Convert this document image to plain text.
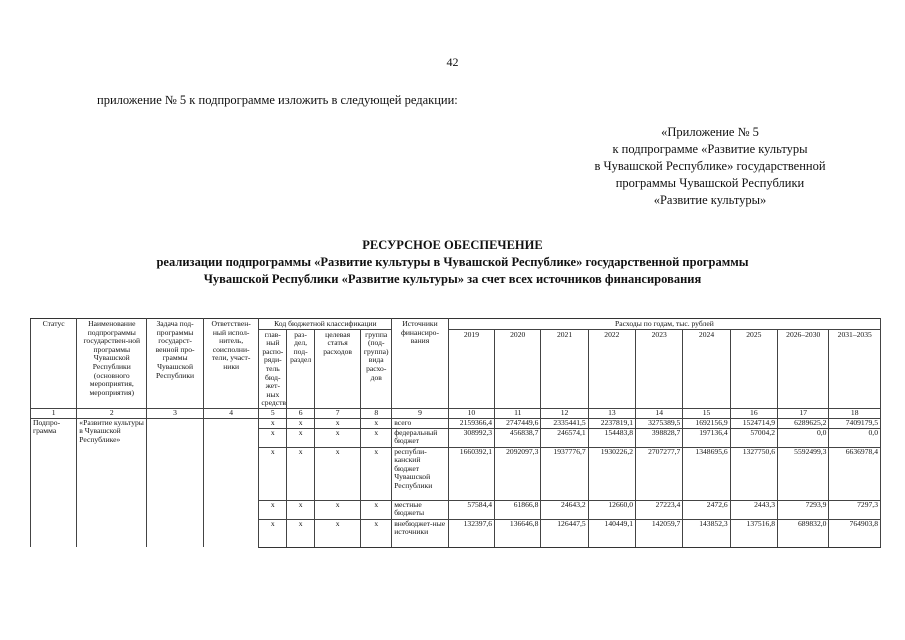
42
приложение № 5 к подпрограмме изложить в следующей редакции:
«Приложение № 5
к подпрограмме «Развитие культуры
в Чувашской Республике» государственной
программы Чувашской Республики
«Развитие культуры»
РЕСУРСНОЕ ОБЕСПЕЧЕНИЕ
реализации подпрограммы «Развитие культуры в Чувашской Республике» государственной программы
Чувашской Республики «Развитие культуры» за счет всех источников финансирования
Статус	Наименование подпрограммы государствен-ной программы Чувашской Республики (основного мероприятия, мероприятия)	Задача под-программы государст-венной про-граммы Чувашской Республики	Ответствен-ный испол-нитель, соисполни-тели, участ-ники	Код бюджетной классификации				Источники финансиро-вания	Расходы по годам, тыс. рублей								
				глав-ный распо-ряди-тель бюд-жет-ных средств	раз-дел, под-раздел	целевая статья расходов	группа (под-группа) вида расхо-дов		2019	2020	2021	2022	2023	2024	2025	2026–2030	2031–2035

1	2	3	4	5	6	7	8	9	10	11	12	13	14	15	16	17	18
Подпро-грамма	«Развитие культуры в Чувашской Республике»			x	x	x	x	всего	2159366,4	2747449,6	2335441,5	2237819,1	3275389,5	1692156,9	1524714,9	6289625,2	7409179,5
				x	x	x	x	федеральный бюджет	308992,3	456838,7	246574,1	154483,8	398828,7	197136,4	57004,2	0,0	0,0
				x	x	x	x	республи-канский бюджет Чувашской Республики	1660392,1	2092097,3	1937776,7	1930226,2	2707277,7	1348695,6	1327750,6	5592499,3	6636978,4
				x	x	x	x	местные бюджеты	57584,4	61866,8	24643,2	12660,0	27223,4	2472,6	2443,3	7293,9	7297,3
				x	x	x	x	внебюджет-ные источники	132397,6	136646,8	126447,5	140449,1	142059,7	143852,3	137516,8	689832,0	764903,8
